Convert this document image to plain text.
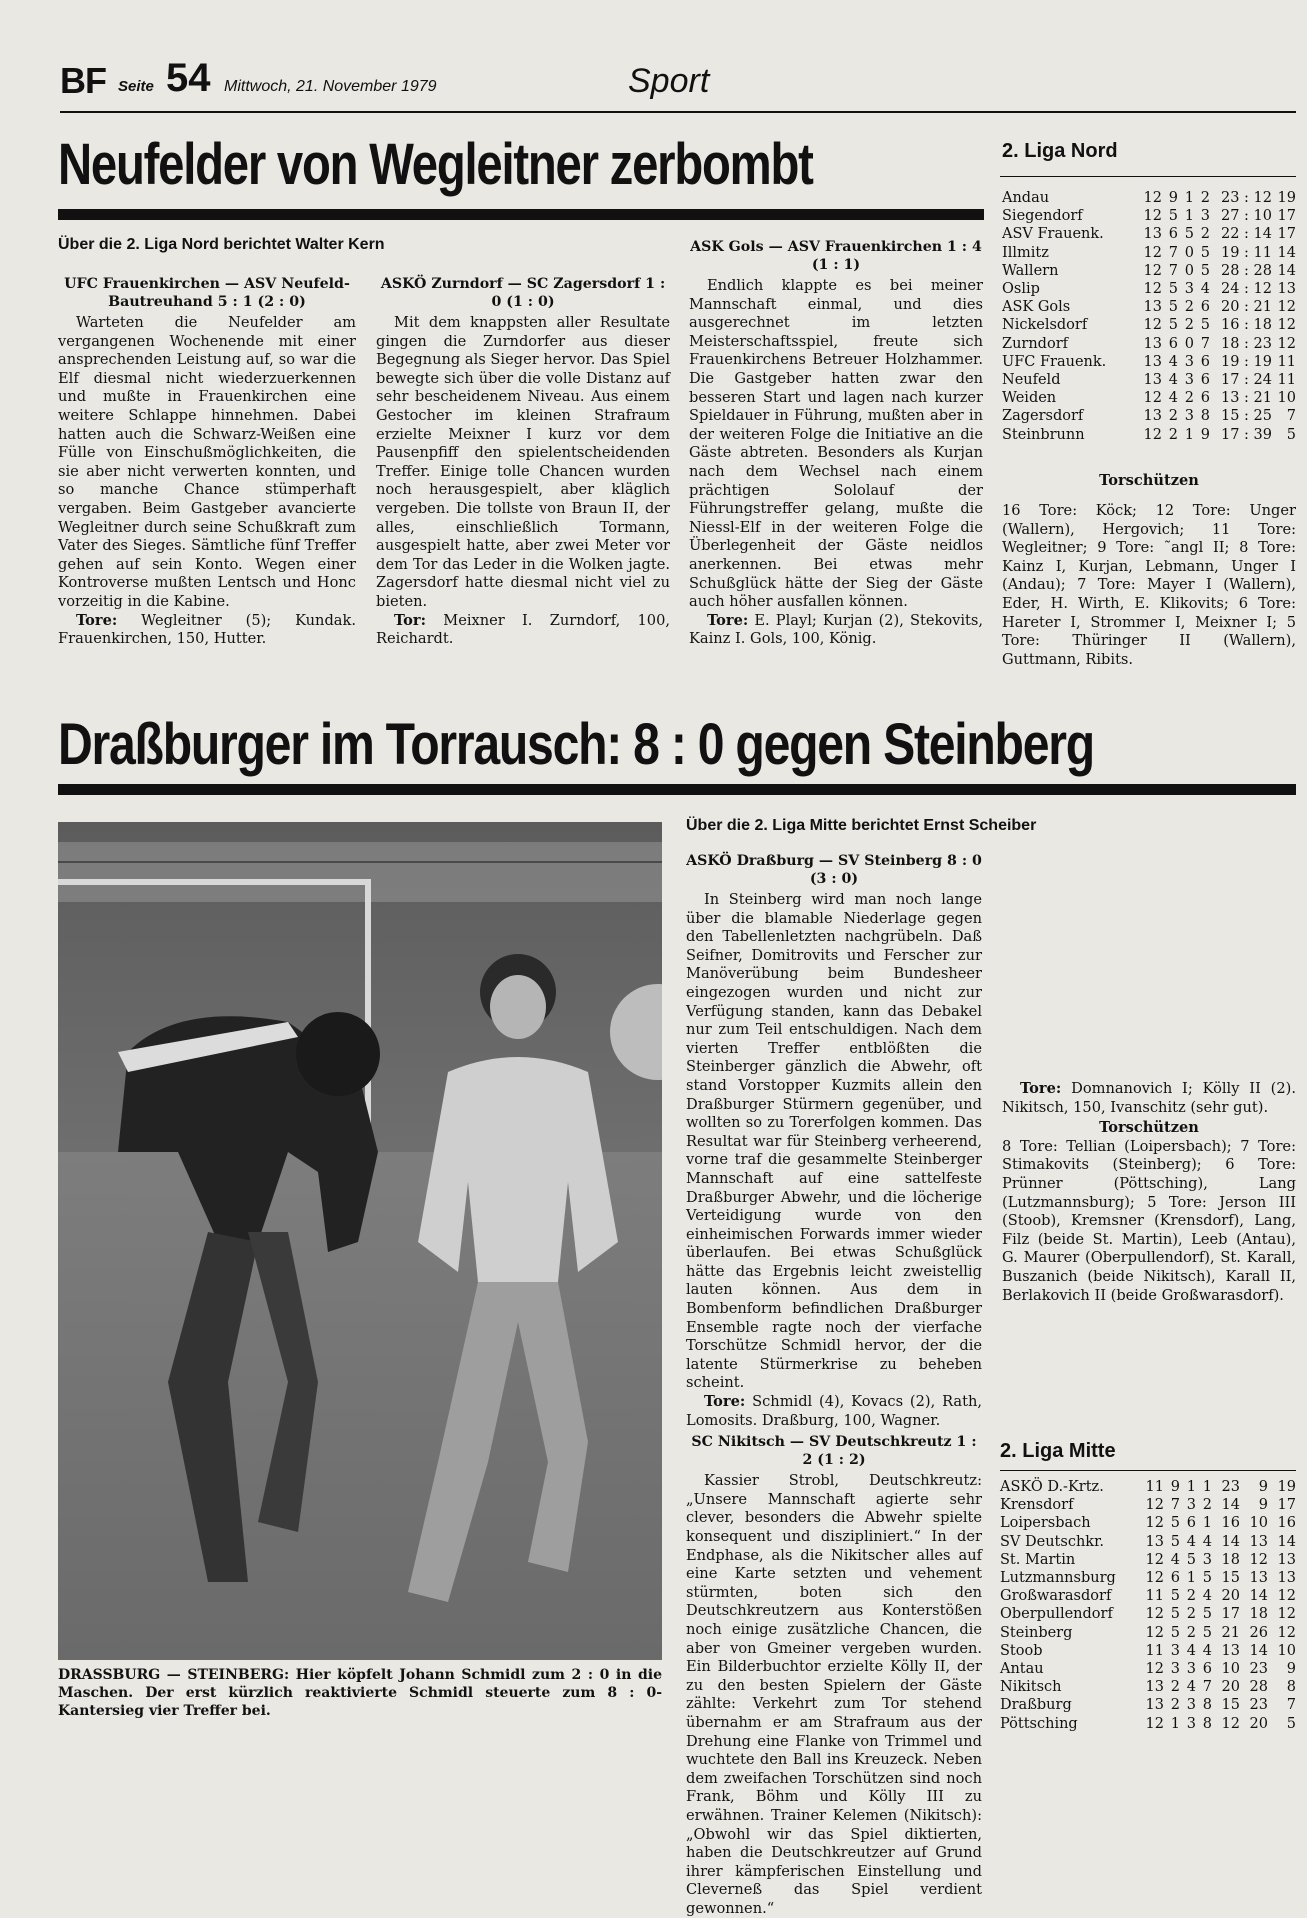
BF Seite 54 Mittwoch, 21. November 1979	Sport
Neufelder von Wegleitner zerbombt
Über die 2. Liga Nord berichtet Walter Kern
UFC Frauenkirchen — ASV Neufeld-Bautreuhand 5 : 1 (2 : 0)

Warteten die Neufelder am vergangenen Wochenende mit einer ansprechenden Leistung auf, so war die Elf diesmal nicht wiederzuerkennen und mußte in Frauenkirchen eine weitere Schlappe hinnehmen. Dabei hatten auch die Schwarz-Weißen eine Fülle von Einschußmöglichkeiten, die sie aber nicht verwerten konnten, und so manche Chance stümperhaft vergaben. Beim Gastgeber avancierte Wegleitner durch seine Schußkraft zum Vater des Sieges. Sämtliche fünf Treffer gehen auf sein Konto. Wegen einer Kontroverse mußten Lentsch und Honc vorzeitig in die Kabine.

Tore: Wegleitner (5); Kundak. Frauenkirchen, 150, Hutter.

ASKÖ Zurndorf — SC Zagersdorf 1 : 0 (1 : 0)

Mit dem knappsten aller Resultate gingen die Zurndorfer aus dieser Begegnung als Sieger hervor. Das Spiel bewegte sich über die volle Distanz auf sehr bescheidenem Niveau. Aus einem Gestocher im kleinen Strafraum erzielte Meixner I kurz vor dem Pausenpfiff den spielentscheidenden Treffer. Einige tolle Chancen wurden noch herausgespielt, aber kläglich vergeben. Die tollste von Braun II, der alles, einschließlich Tormann, ausgespielt hatte, aber zwei Meter vor dem Tor das Leder in die Wolken jagte. Zagersdorf hatte diesmal nicht viel zu bieten.

Tor: Meixner I. Zurndorf, 100, Reichardt.

ASK Gols — ASV Frauenkirchen 1 : 4 (1 : 1)

Endlich klappte es bei meiner Mannschaft einmal, und dies ausgerechnet im letzten Meisterschaftsspiel, freute sich Frauenkirchens Betreuer Holzhammer. Die Gastgeber hatten zwar den besseren Start und lagen nach kurzer Spieldauer in Führung, mußten aber in der weiteren Folge die Initiative an die Gäste abtreten. Besonders als Kurjan nach dem Wechsel nach einem prächtigen Sololauf der Führungstreffer gelang, mußte die Niessl-Elf in der weiteren Folge die Überlegenheit der Gäste neidlos anerkennen. Bei etwas mehr Schußglück hätte der Sieg der Gäste auch höher ausfallen können.

Tore: E. Playl; Kurjan (2), Stekovits, Kainz I. Gols, 100, König.

2. Liga Nord
Andau	12	9	1	2	23 : 12	19
Siegendorf	12	5	1	3	27 : 10	17
ASV Frauenk.	13	6	5	2	22 : 14	17
Illmitz	12	7	0	5	19 : 11	14
Wallern	12	7	0	5	28 : 28	14
Oslip	12	5	3	4	24 : 12	13
ASK Gols	13	5	2	6	20 : 21	12
Nickelsdorf	12	5	2	5	16 : 18	12
Zurndorf	13	6	0	7	18 : 23	12
UFC Frauenk.	13	4	3	6	19 : 19	11
Neufeld	13	4	3	6	17 : 24	11
Weiden	12	4	2	6	13 : 21	10
Zagersdorf	13	2	3	8	15 : 25	7
Steinbrunn	12	2	1	9	17 : 39	5
Torschützen

16 Tore: Köck; 12 Tore: Unger (Wallern), Hergovich; 11 Tore: Wegleitner; 9 Tore: ˜angl II; 8 Tore: Kainz I, Kurjan, Lebmann, Unger I (Andau); 7 Tore: Mayer I (Wallern), Eder, H. Wirth, E. Klikovits; 6 Tore: Hareter I, Strommer I, Meixner I; 5 Tore: Thüringer II (Wallern), Guttmann, Ribits.

Draßburger im Torrausch: 8 : 0 gegen Steinberg
DRASSBURG — STEINBERG: Hier köpfelt Johann Schmidl zum 2 : 0 in die Maschen. Der erst kürzlich reaktivierte Schmidl steuerte zum 8 : 0-Kantersieg vier Treffer bei.
Über die 2. Liga Mitte berichtet Ernst Scheiber
ASKÖ Draßburg — SV Steinberg 8 : 0 (3 : 0)

In Steinberg wird man noch lange über die blamable Niederlage gegen den Tabellenletzten nachgrübeln. Daß Seifner, Domitrovits und Ferscher zur Manöverübung beim Bundesheer eingezogen wurden und nicht zur Verfügung standen, kann das Debakel nur zum Teil entschuldigen. Nach dem vierten Treffer entblößten die Steinberger gänzlich die Abwehr, oft stand Vorstopper Kuzmits allein den Draßburger Stürmern gegenüber, und wollten so zu Torerfolgen kommen. Das Resultat war für Steinberg verheerend, vorne traf die gesammelte Steinberger Mannschaft auf eine sattelfeste Draßburger Abwehr, und die löcherige Verteidigung wurde von den einheimischen Forwards immer wieder überlaufen. Bei etwas Schußglück hätte das Ergebnis leicht zweistellig lauten können. Aus dem in Bombenform befindlichen Draßburger Ensemble ragte noch der vierfache Torschütze Schmidl hervor, der die latente Stürmerkrise zu beheben scheint.

Tore: Schmidl (4), Kovacs (2), Rath, Lomosits. Draßburg, 100, Wagner.

SC Nikitsch — SV Deutschkreutz 1 : 2 (1 : 2)

Kassier Strobl, Deutschkreutz: „Unsere Mannschaft agierte sehr clever, besonders die Abwehr spielte konsequent und diszipliniert.“ In der Endphase, als die Nikitscher alles auf eine Karte setzten und vehement stürmten, boten sich den Deutschkreutzern aus Konterstößen noch einige zusätzliche Chancen, die aber von Gmeiner vergeben wurden. Ein Bilderbuchtor erzielte Kölly II, der zu den besten Spielern der Gäste zählte: Verkehrt zum Tor stehend übernahm er am Strafraum aus der Drehung eine Flanke von Trimmel und wuchtete den Ball ins Kreuzeck. Neben dem zweifachen Torschützen sind noch Frank, Böhm und Kölly III zu erwähnen. Trainer Kelemen (Nikitsch): „Obwohl wir das Spiel diktierten, haben die Deutschkreutzer auf Grund ihrer kämpferischen Einstellung und Cleverneß das Spiel verdient gewonnen.“

Tore: Domnanovich I; Kölly II (2). Nikitsch, 150, Ivanschitz (sehr gut).

Torschützen

8 Tore: Tellian (Loipersbach); 7 Tore: Stimakovits (Steinberg); 6 Tore: Prünner (Pöttsching), Lang (Lutzmannsburg); 5 Tore: Jerson III (Stoob), Kremsner (Krensdorf), Lang, Filz (beide St. Martin), Leeb (Antau), G. Maurer (Oberpullendorf), St. Karall, Buszanich (beide Nikitsch), Karall II, Berlakovich II (beide Großwarasdorf).

2. Liga Mitte
ASKÖ D.-Krtz.	11	9	1	1	23	9	19
Krensdorf	12	7	3	2	14	9	17
Loipersbach	12	5	6	1	16	10	16
SV Deutschkr.	13	5	4	4	14	13	14
St. Martin	12	4	5	3	18	12	13
Lutzmannsburg	12	6	1	5	15	13	13
Großwarasdorf	11	5	2	4	20	14	12
Oberpullendorf	12	5	2	5	17	18	12
Steinberg	12	5	2	5	21	26	12
Stoob	11	3	4	4	13	14	10
Antau	12	3	3	6	10	23	9
Nikitsch	13	2	4	7	20	28	8
Draßburg	13	2	3	8	15	23	7
Pöttsching	12	1	3	8	12	20	5
